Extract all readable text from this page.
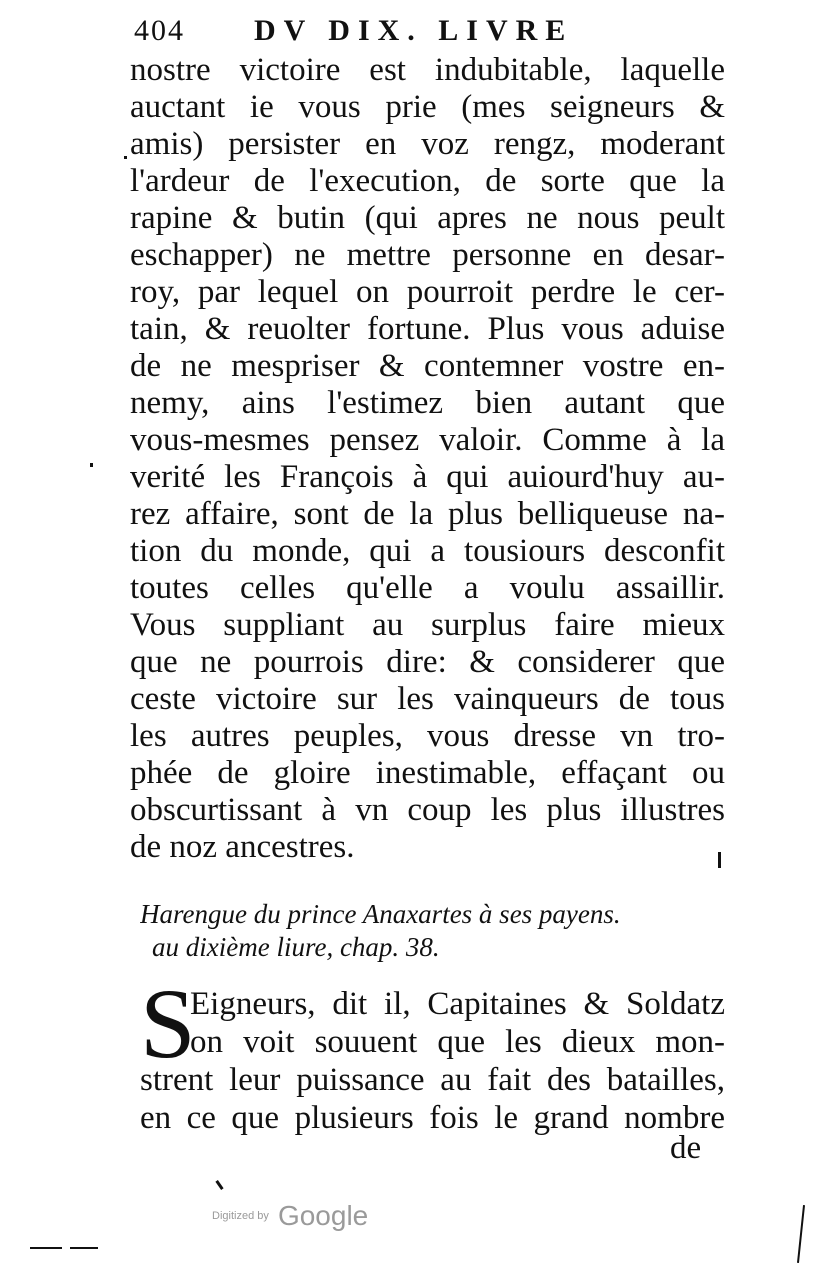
404 DV DIX. LIVRE
nostre victoire est indubitable, laquelle
auctant ie vous prie (mes seigneurs &
amis) persister en voz rengz, moderant
l'ardeur de l'execution, de sorte que la
rapine & butin (qui apres ne nous peult
eschapper) ne mettre personne en desar-
roy, par lequel on pourroit perdre le cer-
tain, & reuolter fortune. Plus vous aduise
de ne mespriser & contemner vostre en-
nemy, ains l'estimez bien autant que
vous-mesmes pensez valoir. Comme à la
verité les François à qui auiourd'huy au-
rez affaire, sont de la plus belliqueuse na-
tion du monde, qui a tousiours desconfit
toutes celles qu'elle a voulu assaillir.
Vous suppliant au surplus faire mieux
que ne pourrois dire: & considerer que
ceste victoire sur les vainqueurs de tous
les autres peuples, vous dresse vn tro-
phée de gloire inestimable, effaçant ou
obscurtissant à vn coup les plus illustres
de noz ancestres.
Harengue du prince Anaxartes à ses payens.
au dixième liure, chap. 38.
S
Eigneurs, dit il, Capitaines & Soldatz
on voit souuent que les dieux mon-
strent leur puissance au fait des batailles,
en ce que plusieurs fois le grand nombre
de
Digitized by Google
